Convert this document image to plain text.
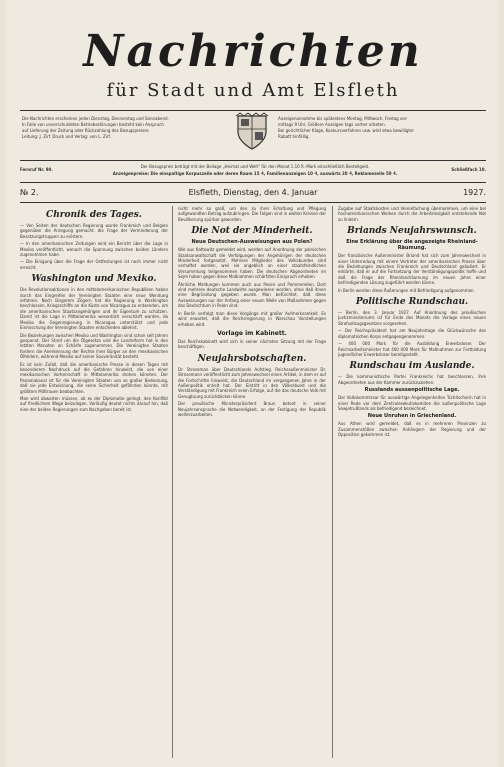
Nachrichten
für Stadt und Amt Elsfleth
Die Nachrichten erscheinen jeden Dienstag, Donnerstag und Sonnabend.
In Falle von unverschuldeten Betriebsstörungen besteht kein Anspruch
auf Lieferung der Zeitung oder Rückzahlung des Bezugspreises
Leitung: J. Zirf. Druck und Verlag: von L. Zirf.
Anzeigenannahme bis spätestens Montag, Mittwoch, Freitag vor-
mittags 9 Uhr. Größere Anzeigen tags vorher erbeten.
Bei gerichtlicher Klage, Konkursverfahren usw. wird etwa bewilligter
Rabatt hinfällig.
Fernruf Nr. 90.
Der Bezugspreis beträgt mit der Beilage „Heimat und Welt“ für den Monat 1.10 R.-Mark einschließlich Bestellgeld.
Anzeigenpreise: Die einspaltige Korpuszeile oder deren Raum 15 ₰, Familienanzeigen 10 ₰, auswärts 20 ₰, Reklamezeile 50 ₰.
Schließfach 10.
Elsfleth, Dienstag, den 4. Januar
№ 2.	1927.
Chronik des Tages.

— Von Seiten der deutschen Regierung wurde Frankreich und Belgien gegenüber die Anregung gemacht, die Frage der Verminderung der Besatzungstruppen zu erörtern.

— In den amerikanischen Zeitungen wird ein Bericht über die Lage in Mexiko veröffentlicht, wonach die Spannung zwischen beiden Ländern zugenommen habe.

— Die Einigung über die Frage der Ostfestungen ist noch immer nicht erreicht.

Washington und Mexiko.

Die Revolutionsaktionen in den mittelamerikanischen Republiken haben durch das Eingreifen der Vereinigten Staaten eine neue Wendung erfahren. Nach längerem Zögern hat die Regierung in Washington beschlossen, Kriegsschiffe an die Küste von Nicaragua zu entsenden, um die amerikanischen Staatsangehörigen und ihr Eigentum zu schützen. Damit ist die Lage in Mittelamerika wesentlich verschärft worden, da Mexiko die Gegenregierung in Nicaragua unterstützt und jede Einmischung der Vereinigten Staaten entschieden ablehnt.

Die Beziehungen zwischen Mexiko und Washington sind schon seit Jahren gespannt. Der Streit um die Ölgesetze und die Landreform hat in den letzten Monaten an Schärfe zugenommen. Die Vereinigten Staaten fordern die Anerkennung der Rechte ihrer Bürger an den mexikanischen Ölfeldern, während Mexiko auf seiner Souveränität besteht.

Es ist kein Zufall, daß die amerikanische Presse in diesen Tagen mit besonderem Nachdruck auf die Gefahren hinweist, die von einer mexikanischen Vorherrschaft in Mittelamerika drohen könnten. Der Panamakanal ist für die Vereinigten Staaten von so großer Bedeutung, daß sie jede Entwicklung, die seine Sicherheit gefährden könnte, mit größtem Mißtrauen beobachten.

Man wird abwarten müssen, ob es der Diplomatie gelingt, den Konflikt auf friedlichem Wege beizulegen. Vorläufig deutet nichts darauf hin, daß eine der beiden Regierungen zum Nachgeben bereit ist.

nicht mehr so groß, um den zu ihrer Erhaltung und Pflegung aufgewandten Betrag aufzubringen. Die Folgen sind in weiten Kreisen der Bevölkerung spürbar geworden.

Die Not der Minderheit.
Neue Deutschen-Ausweisungen aus Polen?

Wie aus Kattowitz gemeldet wird, werden auf Anordnung der polnischen Staatsanwaltschaft die Verfolgungen der Angehörigen der deutschen Minderheit fortgesetzt. Mehrere Mitglieder des Volksbundes sind verhaftet worden, weil sie angeblich an einer staatsfeindlichen Versammlung teilgenommen haben. Die deutschen Abgeordneten im Sejm haben gegen diese Maßnahmen schärfsten Einspruch erhoben.

Ähnliche Meldungen kommen auch aus Posen und Pommerellen. Dort sind mehrere deutsche Landwirte ausgewiesen worden, ohne daß ihnen eine Begründung gegeben wurde. Man befürchtet, daß diese Ausweisungen nur der Anfang einer neuen Welle von Maßnahmen gegen das Deutschtum in Polen sind.

In Berlin verfolgt man diese Vorgänge mit großer Aufmerksamkeit. Es wird erwartet, daß die Reichsregierung in Warschau Vorstellungen erheben wird.

Vorlage im Kabinett.

Das Reichskabinett wird sich in seiner nächsten Sitzung mit der Frage beschäftigen.

Neujahrsbotschaften.

Dr. Streseman über Deutschlands Aufstieg. Reichsaußenminister Dr. Stresemann veröffentlicht zum Jahreswechsel einen Artikel, in dem er auf die Fortschritte hinweist, die Deutschland im vergangenen Jahre in der Außenpolitik erzielt hat. Der Eintritt in den Völkerbund und die Verständigung mit Frankreich seien Erfolge, auf die das deutsche Volk mit Genugtuung zurückblicken könne.

Der preußische Ministerpräsident Braun betont in seiner Neujahrsansprache die Notwendigkeit, an der Festigung der Republik weiterzuarbeiten.

Zugabe auf Staatskosten und Vereinfachung übernommen, um eine bei hochamerikanischen Werken durch die Arbeitslosigkeit entstehende Not zu lindern.

Briands Neujahrswunsch.
Eine Erklärung über die angezeigte Rheinland-Räumung.

Der französische Außenminister Briand hat sich zum Jahreswechsel in einer Unterredung mit einem Vertreter der amerikanischen Presse über die Beziehungen zwischen Frankreich und Deutschland geäußert. Er erklärte, daß er auf die Fortsetzung der Verständigungspolitik hoffe und daß die Frage der Rheinlandräumung im neuen Jahre einer befriedigenden Lösung zugeführt werden könne.

In Berlin werden diese Äußerungen mit Befriedigung aufgenommen.

Politische Rundschau.

— Berlin, den 3. Januar 1927. Auf Anordnung des preußischen Justizministeriums ist für Ende des Monats die Vorlage eines neuen Strafvollzugsgesetzes vorgesehen.

— Der Reichspräsident hat am Neujahrstage die Glückwünsche des diplomatischen Korps entgegengenommen.

— 400 000 Mark für die Ausbildung Erwerbsloser. Der Reichsarbeitsminister hat 400 000 Mark für Maßnahmen zur Fortbildung jugendlicher Erwerbsloser bereitgestellt.

Rundschau im Auslande.

— Die kommunistische Partei Frankreichs hat beschlossen, ihre Abgeordneten aus der Kammer zurückzuziehen.

Russlands aussenpolitische Lage.

Der Volkskommissar für auswärtige Angelegenheiten Tschitscherin hat in einer Rede vor dem Zentralexekutivkomitee die außenpolitische Lage Sowjetrußlands als befriedigend bezeichnet.

Neue Unruhen in Griechenland.

Aus Athen wird gemeldet, daß es in mehreren Provinzen zu Zusammenstößen zwischen Anhängern der Regierung und der Opposition gekommen ist.
